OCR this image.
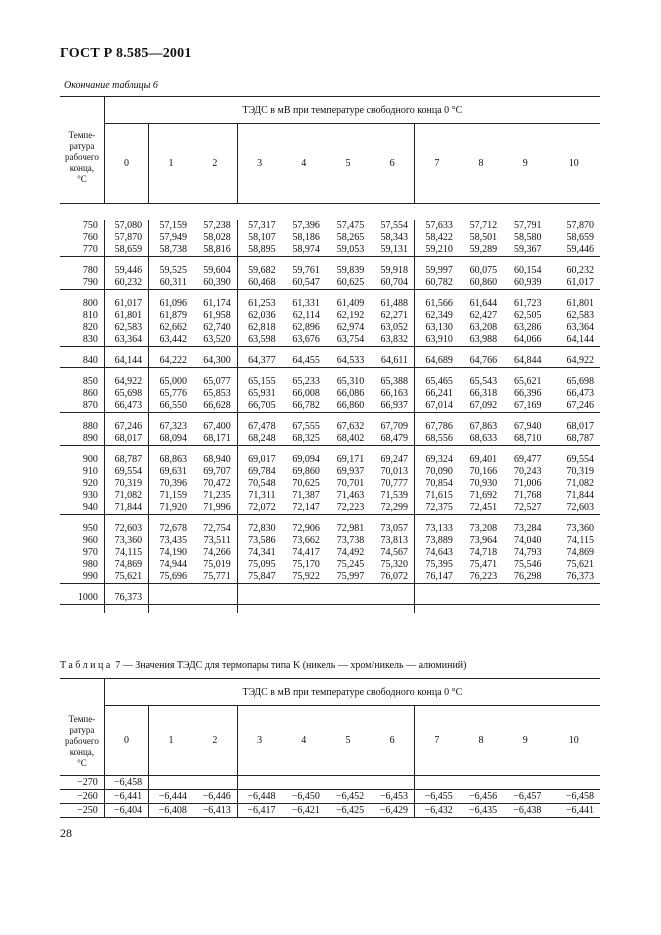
ГОСТ Р 8.585—2001
Окончание таблицы 6
	ТЭДС в мВ при температуре свободного конца 0 °С										

Темпе-
ратура
рабочего
конца,
°С	0	1	2	3	4	5	6	7	8	9	10

750	57,080	57,159	57,238	57,317	57,396	57,475	57,554	57,633	57,712	57,791	57,870
760	57,870	57,949	58,028	58,107	58,186	58,265	58,343	58,422	58,501	58,580	58,659
770	58,659	58,738	58,816	58,895	58,974	59,053	59,131	59,210	59,289	59,367	59,446

780	59,446	59,525	59,604	59,682	59,761	59,839	59,918	59,997	60,075	60,154	60,232
790	60,232	60,311	60,390	60,468	60,547	60,625	60,704	60,782	60,860	60,939	61,017

800	61,017	61,096	61,174	61,253	61,331	61,409	61,488	61,566	61,644	61,723	61,801
810	61,801	61,879	61,958	62,036	62,114	62,192	62,271	62,349	62,427	62,505	62,583
820	62,583	62,662	62,740	62,818	62,896	62,974	63,052	63,130	63,208	63,286	63,364
830	63,364	63,442	63,520	63,598	63,676	63,754	63,832	63,910	63,988	64,066	64,144

840	64,144	64,222	64,300	64,377	64,455	64,533	64,611	64,689	64,766	64,844	64,922

850	64,922	65,000	65,077	65,155	65,233	65,310	65,388	65,465	65,543	65,621	65,698
860	65,698	65,776	65,853	65,931	66,008	66,086	66,163	66,241	66,318	66,396	66,473
870	66,473	66,550	66,628	66,705	66,782	66,860	66,937	67,014	67,092	67,169	67,246

880	67,246	67,323	67,400	67,478	67,555	67,632	67,709	67,786	67,863	67,940	68,017
890	68,017	68,094	68,171	68,248	68,325	68,402	68,479	68,556	68,633	68,710	68,787

900	68,787	68,863	68,940	69,017	69,094	69,171	69,247	69,324	69,401	69,477	69,554
910	69,554	69,631	69,707	69,784	69,860	69,937	70,013	70,090	70,166	70,243	70,319
920	70,319	70,396	70,472	70,548	70,625	70,701	70,777	70,854	70,930	71,006	71,082
930	71,082	71,159	71,235	71,311	71,387	71,463	71,539	71,615	71,692	71,768	71,844
940	71,844	71,920	71,996	72,072	72,147	72,223	72,299	72,375	72,451	72,527	72,603

950	72,603	72,678	72,754	72,830	72,906	72,981	73,057	73,133	73,208	73,284	73,360
960	73,360	73,435	73,511	73,586	73,662	73,738	73,813	73,889	73,964	74,040	74,115
970	74,115	74,190	74,266	74,341	74,417	74,492	74,567	74,643	74,718	74,793	74,869
980	74,869	74,944	75,019	75,095	75,170	75,245	75,320	75,395	75,471	75,546	75,621
990	75,621	75,696	75,771	75,847	75,922	75,997	76,072	76,147	76,223	76,298	76,373

1000	76,373										

Таблица 7 — Значения ТЭДС для термопары типа K (никель — хром/никель — алюминий)
	ТЭДС в мВ при температуре свободного конца 0 °С										

Темпе-
ратура
рабочего
конца,
°С	0	1	2	3	4	5	6	7	8	9	10
−270	−6,458										
−260	−6,441	−6,444	−6,446	−6,448	−6,450	−6,452	−6,453	−6,455	−6,456	−6,457	−6,458
−250	−6,404	−6,408	−6,413	−6,417	−6,421	−6,425	−6,429	−6,432	−6,435	−6,438	−6,441
28
